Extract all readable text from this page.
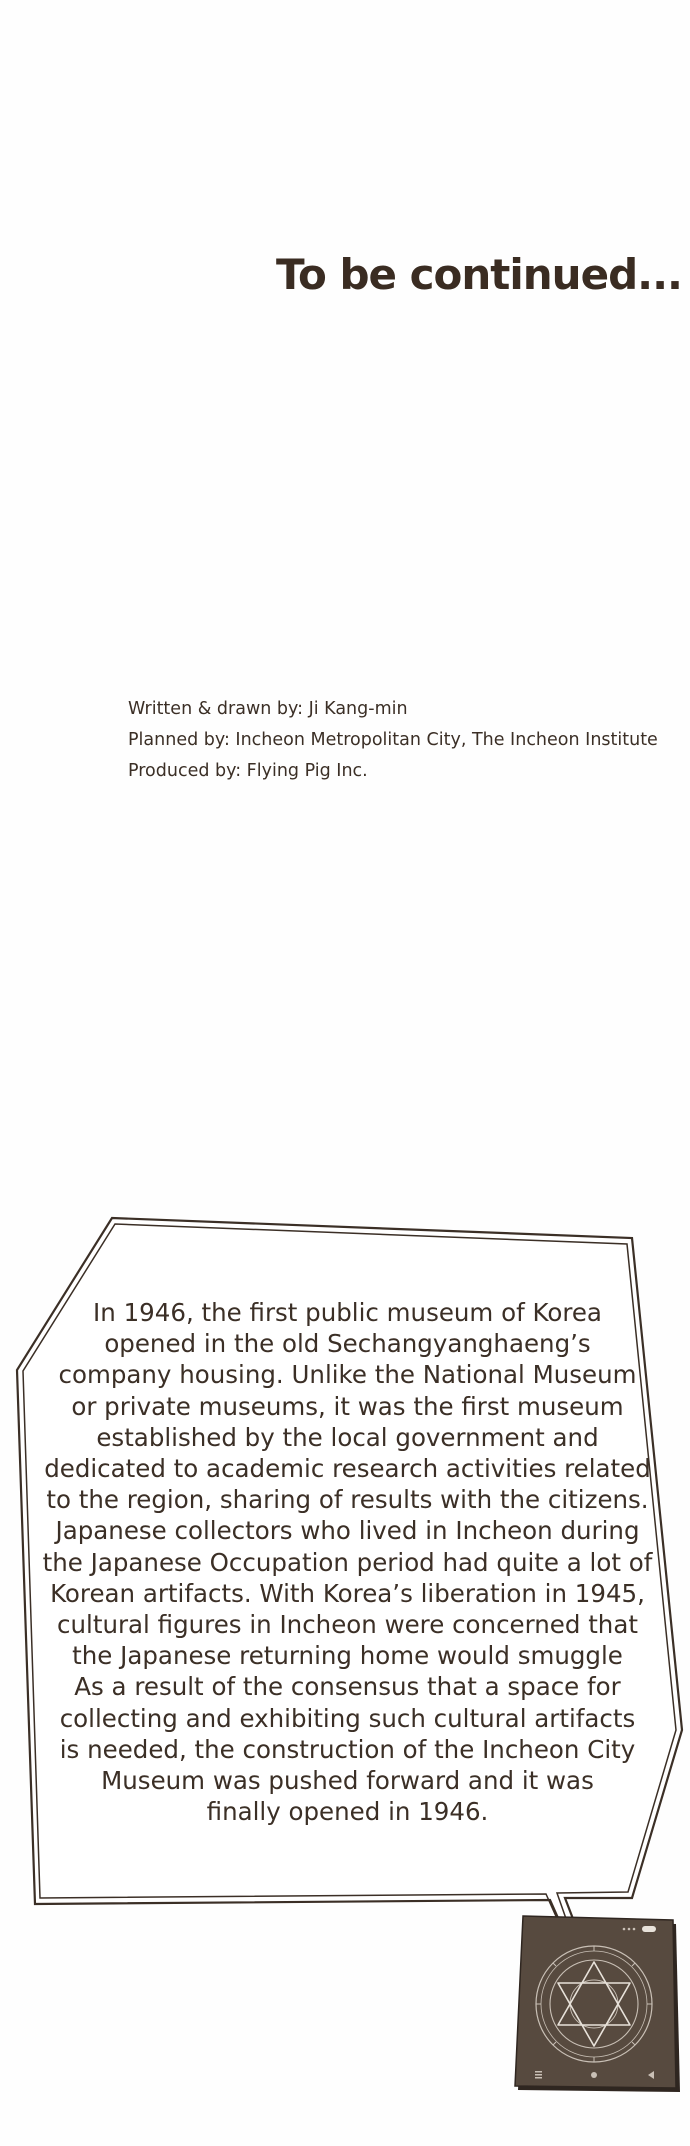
To be continued...
Written & drawn by: Ji Kang-min
Planned by: Incheon Metropolitan City, The Incheon Institute
Produced by: Flying Pig Inc.
In 1946, the first public museum of Korea
opened in the old Sechangyanghaeng’s
company housing. Unlike the National Museum
or private museums, it was the first museum
established by the local government and
dedicated to academic research activities related
to the region, sharing of results with the citizens.
Japanese collectors who lived in Incheon during
the Japanese Occupation period had quite a lot of
Korean artifacts. With Korea’s liberation in 1945,
cultural figures in Incheon were concerned that
the Japanese returning home would smuggle
As a result of the consensus that a space for
collecting and exhibiting such cultural artifacts
is needed, the construction of the Incheon City
Museum was pushed forward and it was
finally opened in 1946.
